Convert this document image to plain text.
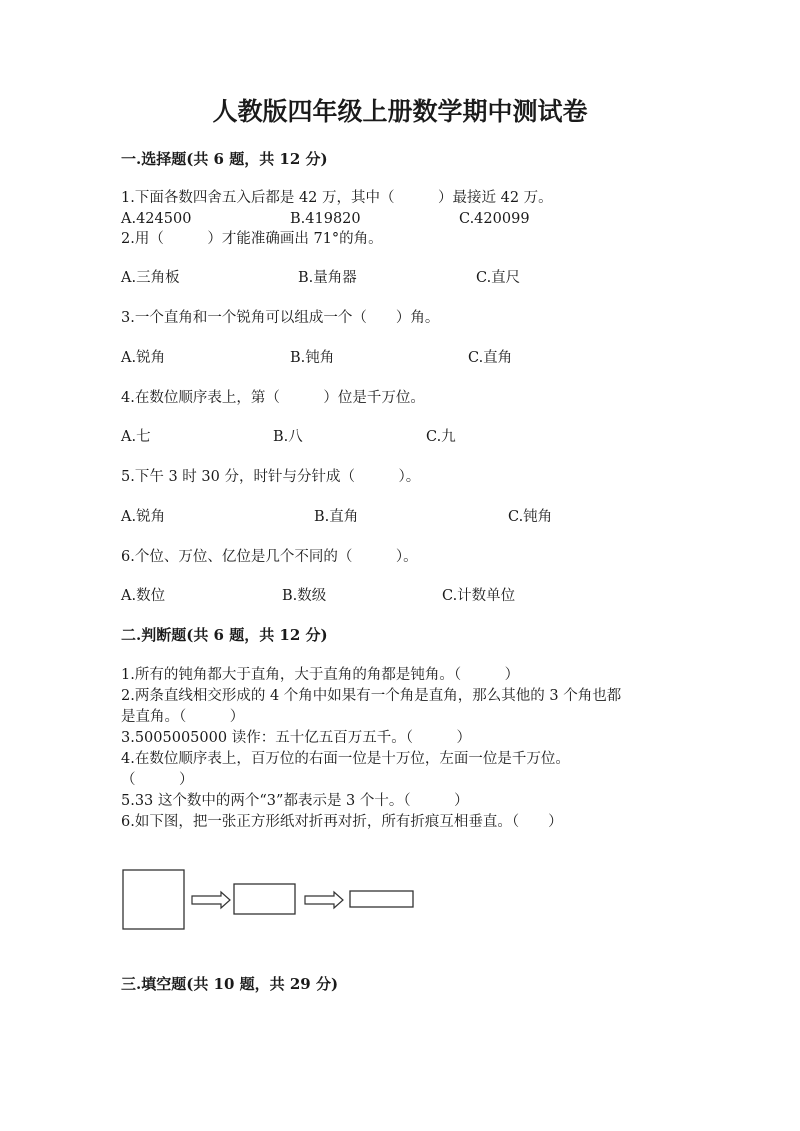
人教版四年级上册数学期中测试卷
一.选择题(共 6 题，共 12 分)
1.下面各数四舍五入后都是 42 万，其中（　　　）最接近 42 万。
A.424500	B.419820	C.420099
2.用（　　　）才能准确画出 71°的角。
A.三角板	B.量角器	C.直尺
3.一个直角和一个锐角可以组成一个（　　）角。
A.锐角	B.钝角	C.直角
4.在数位顺序表上，第（　　　）位是千万位。
A.七	B.八	C.九
5.下午 3 时 30 分，时针与分针成（　　　）。
A.锐角	B.直角	C.钝角
6.个位、万位、亿位是几个不同的（　　　）。
A.数位	B.数级	C.计数单位
二.判断题(共 6 题，共 12 分)
1.所有的钝角都大于直角，大于直角的角都是钝角。（　　　）
2.两条直线相交形成的 4 个角中如果有一个角是直角，那么其他的 3 个角也都
是直角。（　　　）
3.5005005000 读作：五十亿五百万五千。（　　　）
4.在数位顺序表上，百万位的右面一位是十万位，左面一位是千万位。
（　　　）
5.33 这个数中的两个“3”都表示是 3 个十。（　　　）
6.如下图，把一张正方形纸对折再对折，所有折痕互相垂直。（　　）
三.填空题(共 10 题，共 29 分)
